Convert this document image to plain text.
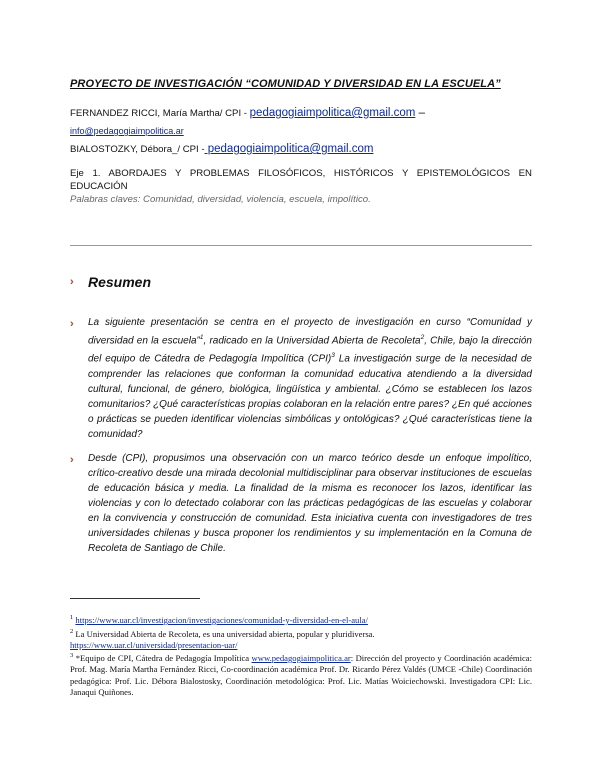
PROYECTO DE INVESTIGACIÓN “COMUNIDAD Y DIVERSIDAD EN LA ESCUELA”
FERNANDEZ RICCI, María Martha/ CPI - pedagogiaimpolitica@gmail.com –
info@pedagogiaimpolitica.ar
BIALOSTOZKY, Débora_/ CPI - pedagogiaimpolitica@gmail.com
Eje 1. ABORDAJES Y PROBLEMAS FILOSÓFICOS, HISTÓRICOS Y EPISTEMOLÓGICOS EN EDUCACIÓN
Palabras claves: Comunidad, diversidad, violencia, escuela, impolítico.
› Resumen
› La siguiente presentación se centra en el proyecto de investigación en curso “Comunidad y diversidad en la escuela”$^1$, radicado en la Universidad Abierta de Recoleta$^2$, Chile, bajo la dirección del equipo de Cátedra de Pedagogía Impolítica (CPI)$^3$ La investigación surge de la necesidad de comprender las relaciones que conforman la comunidad educativa atendiendo a la diversidad cultural, funcional, de género, biológica, lingüística y ambiental. ¿Cómo se establecen los lazos comunitarios? ¿Qué características propias colaboran en la relación entre pares? ¿En qué acciones o prácticas se pueden identificar violencias simbólicas y ontológicas? ¿Qué características tiene la comunidad?
› Desde (CPI), propusimos una observación con un marco teórico desde un enfoque impolítico, crítico-creativo desde una mirada decolonial multidisciplinar para observar instituciones de escuelas de educación básica y media. La finalidad de la misma es reconocer los lazos, identificar las violencias y con lo detectado colaborar con las prácticas pedagógicas de las escuelas y colaborar en la convivencia y construcción de comunidad. Esta iniciativa cuenta con investigadores de tres universidades chilenas y busca proponer los rendimientos y su implementación en la Comuna de Recoleta de Santiago de Chile.
$^1$ https://www.uar.cl/investigacion/investigaciones/comunidad-y-diversidad-en-el-aula/
$^2$ La Universidad Abierta de Recoleta, es una universidad abierta, popular y pluridiversa.
https://www.uar.cl/universidad/presentacion-uar/
$^3$ *Equipo de CPI, Cátedra de Pedagogía Impolítica www.pedagogiaimpolitica.ar: Dirección del proyecto y Coordinación académica: Prof. Mag. María Martha Fernández Ricci, Co-coordinación académica Prof. Dr. Ricardo Pérez Valdés (UMCE -Chile) Coordinación pedagógica: Prof. Lic. Débora Bialostosky, Coordinación metodológica: Prof. Lic. Matías Woiciechowski. Investigadora CPI: Lic. Janaqui Quiñones.
